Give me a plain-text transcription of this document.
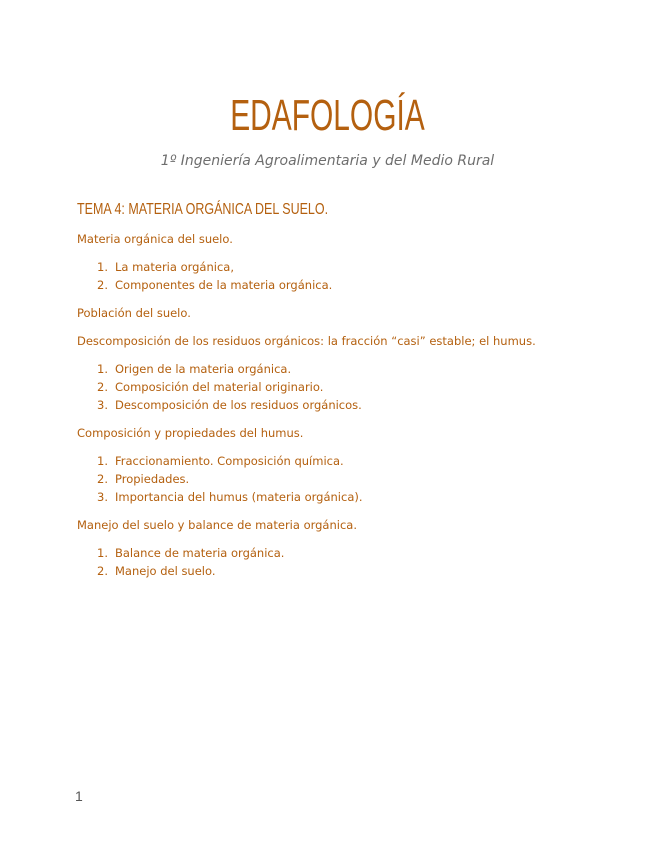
EDAFOLOGÍA
1º Ingeniería Agroalimentaria y del Medio Rural
TEMA 4: MATERIA ORGÁNICA DEL SUELO.
Materia orgánica del suelo.
1. La materia orgánica,
2. Componentes de la materia orgánica.
Población del suelo.
Descomposición de los residuos orgánicos: la fracción “casi” estable; el humus.
1. Origen de la materia orgánica.
2. Composición del material originario.
3. Descomposición de los residuos orgánicos.
Composición y propiedades del humus.
1. Fraccionamiento. Composición química.
2. Propiedades.
3. Importancia del humus (materia orgánica).
Manejo del suelo y balance de materia orgánica.
1. Balance de materia orgánica.
2. Manejo del suelo.
1
